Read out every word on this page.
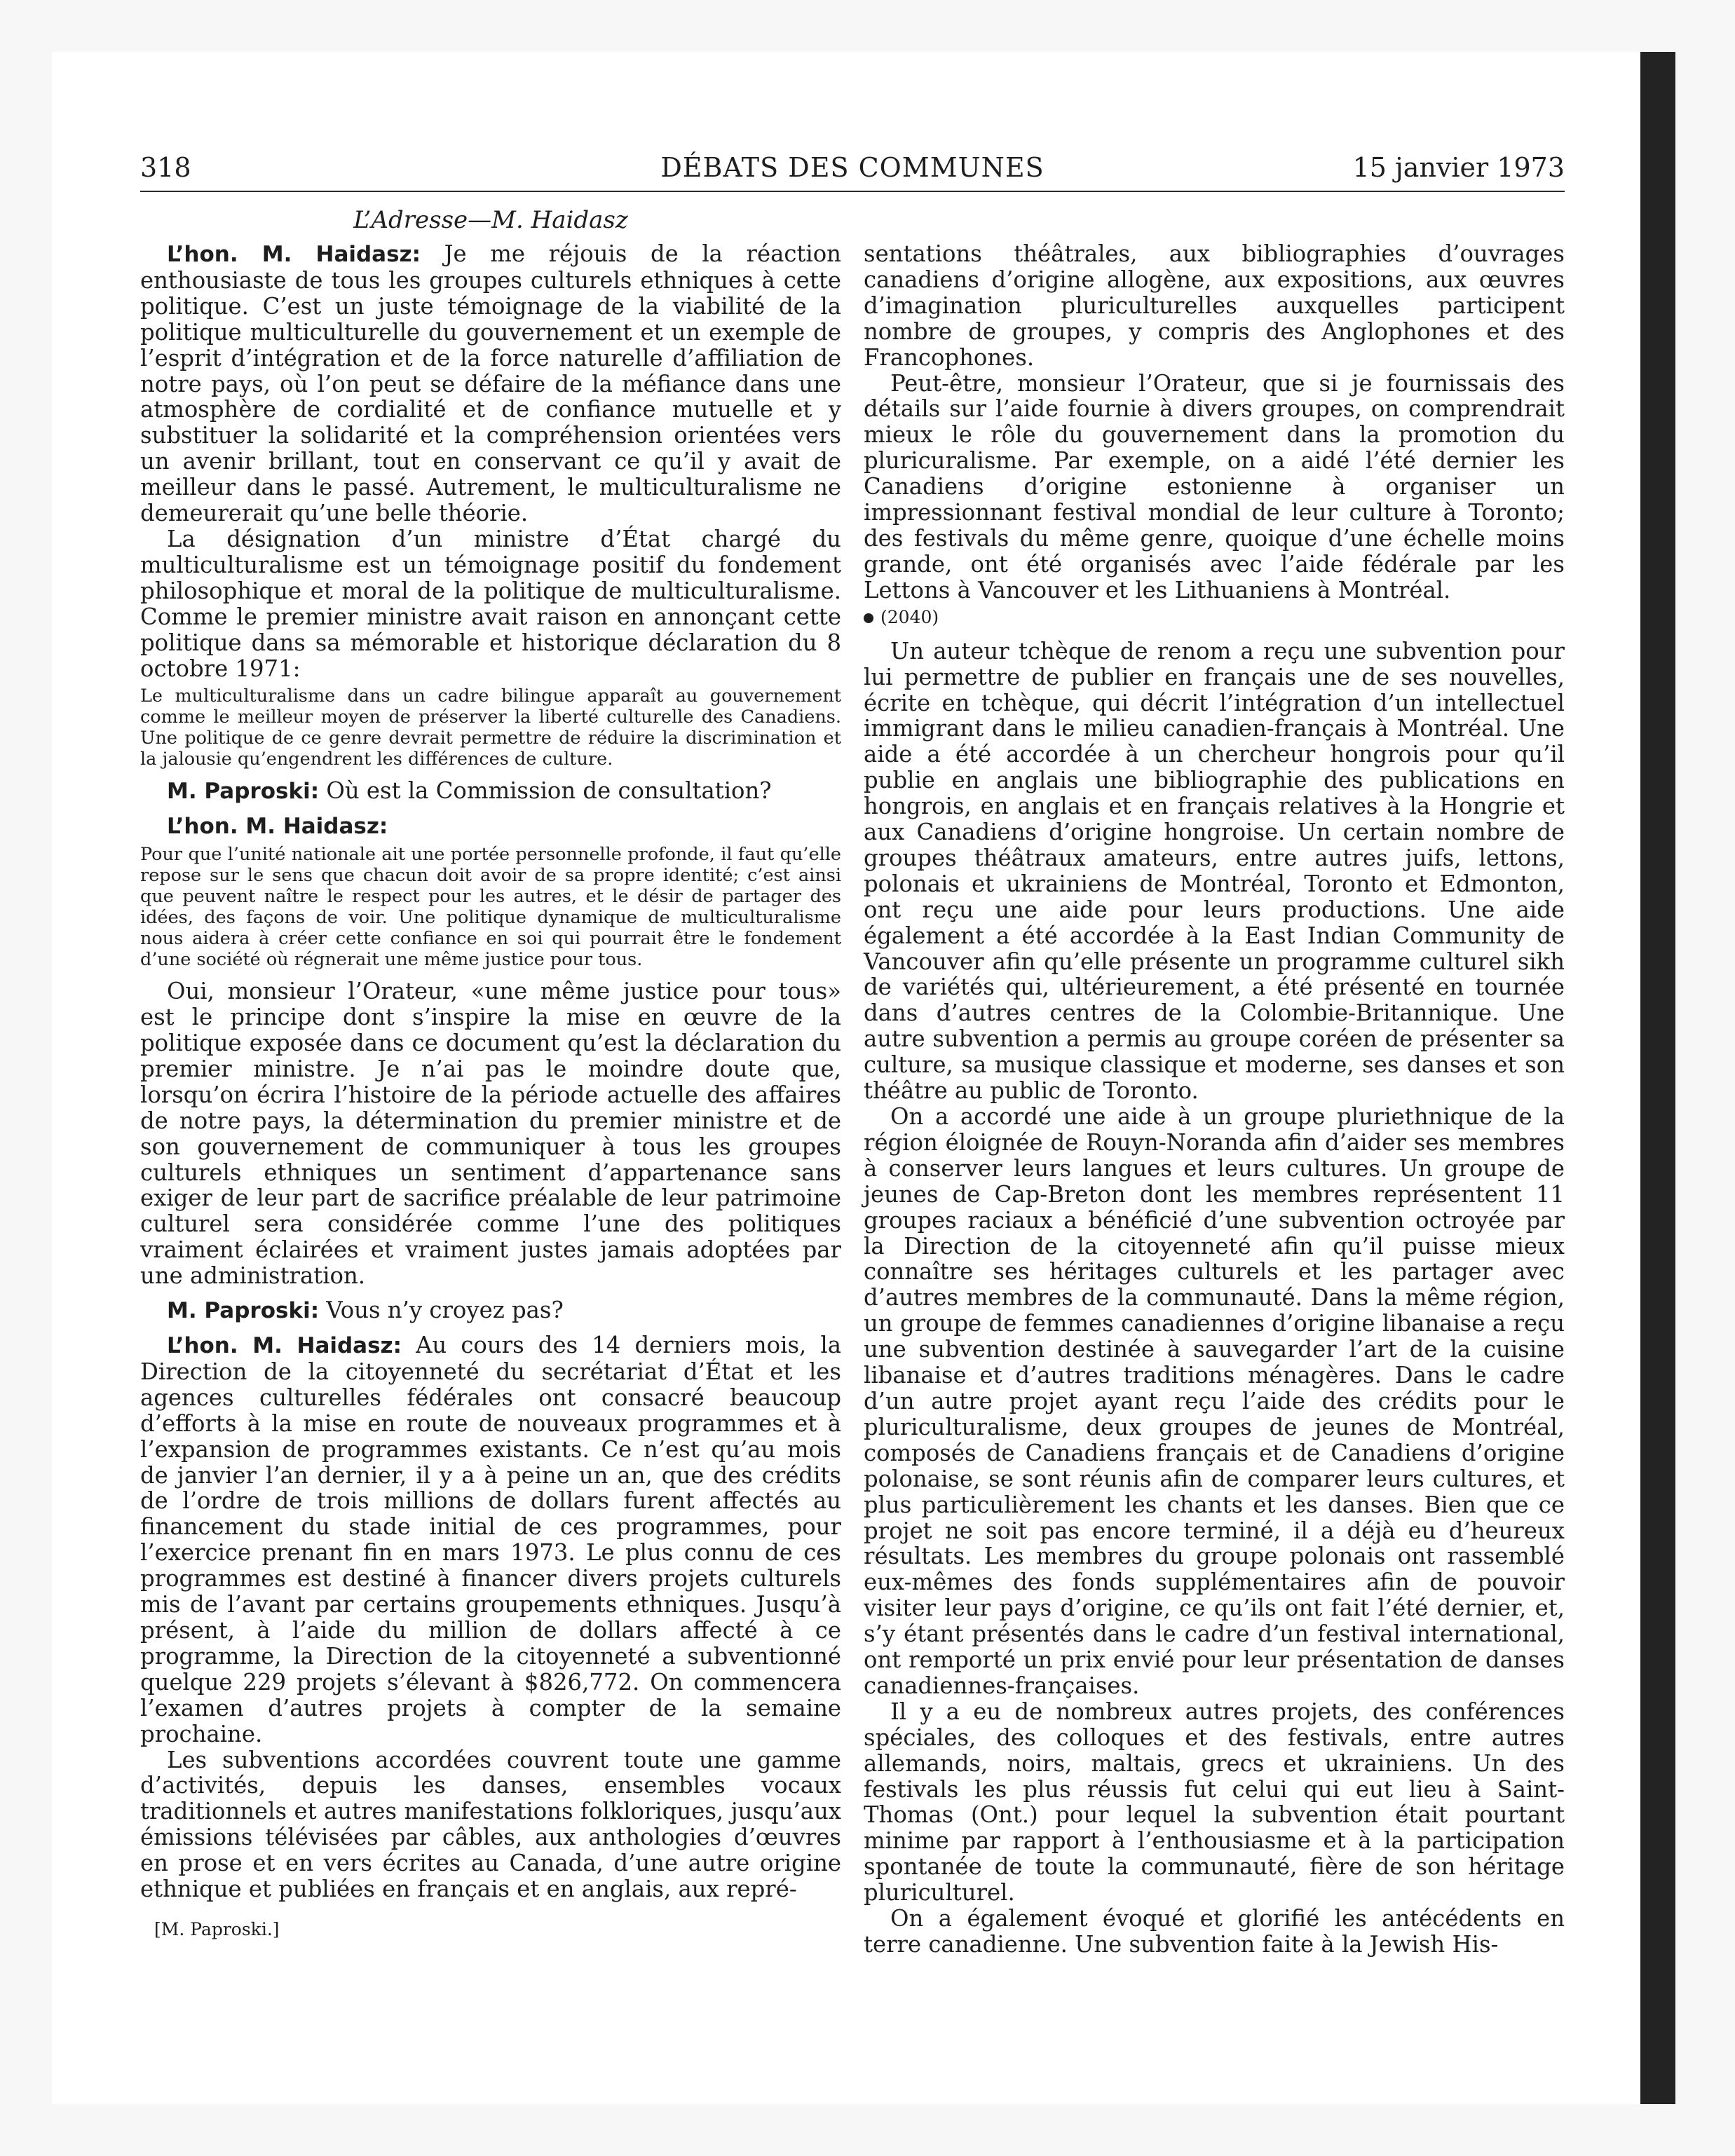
318	DÉBATS DES COMMUNES	15 janvier 1973
L’Adresse—M. Haidasz

L’hon. M. Haidasz: Je me réjouis de la réaction enthousiaste de tous les groupes culturels ethniques à cette politique. C’est un juste témoignage de la viabilité de la politique multiculturelle du gouvernement et un exemple de l’esprit d’intégration et de la force naturelle d’affiliation de notre pays, où l’on peut se défaire de la méfiance dans une atmosphère de cordialité et de confiance mutuelle et y substituer la solidarité et la compréhension orientées vers un avenir brillant, tout en conservant ce qu’il y avait de meilleur dans le passé. Autrement, le multiculturalisme ne demeurerait qu’une belle théorie.

La désignation d’un ministre d’État chargé du multiculturalisme est un témoignage positif du fondement philosophique et moral de la politique de multiculturalisme. Comme le premier ministre avait raison en annonçant cette politique dans sa mémorable et historique déclaration du 8 octobre 1971:

Le multiculturalisme dans un cadre bilingue apparaît au gouvernement comme le meilleur moyen de préserver la liberté culturelle des Canadiens. Une politique de ce genre devrait permettre de réduire la discrimination et la jalousie qu’engendrent les différences de culture.

M. Paproski: Où est la Commission de consultation?

L’hon. M. Haidasz:

Pour que l’unité nationale ait une portée personnelle profonde, il faut qu’elle repose sur le sens que chacun doit avoir de sa propre identité; c’est ainsi que peuvent naître le respect pour les autres, et le désir de partager des idées, des façons de voir. Une politique dynamique de multiculturalisme nous aidera à créer cette confiance en soi qui pourrait être le fondement d’une société où régnerait une même justice pour tous.

Oui, monsieur l’Orateur, «une même justice pour tous» est le principe dont s’inspire la mise en œuvre de la politique exposée dans ce document qu’est la déclaration du premier ministre. Je n’ai pas le moindre doute que, lorsqu’on écrira l’histoire de la période actuelle des affaires de notre pays, la détermination du premier ministre et de son gouvernement de communiquer à tous les groupes culturels ethniques un sentiment d’appartenance sans exiger de leur part de sacrifice préalable de leur patrimoine culturel sera considérée comme l’une des politiques vraiment éclairées et vraiment justes jamais adoptées par une administration.

M. Paproski: Vous n’y croyez pas?

L’hon. M. Haidasz: Au cours des 14 derniers mois, la Direction de la citoyenneté du secrétariat d’État et les agences culturelles fédérales ont consacré beaucoup d’efforts à la mise en route de nouveaux programmes et à l’expansion de programmes existants. Ce n’est qu’au mois de janvier l’an dernier, il y a à peine un an, que des crédits de l’ordre de trois millions de dollars furent affectés au financement du stade initial de ces programmes, pour l’exercice prenant fin en mars 1973. Le plus connu de ces programmes est destiné à financer divers projets culturels mis de l’avant par certains groupements ethniques. Jusqu’à présent, à l’aide du million de dollars affecté à ce programme, la Direction de la citoyenneté a subventionné quelque 229 projets s’élevant à $826,772. On commencera l’examen d’autres projets à compter de la semaine prochaine.

Les subventions accordées couvrent toute une gamme d’activités, depuis les danses, ensembles vocaux traditionnels et autres manifestations folkloriques, jusqu’aux émissions télévisées par câbles, aux anthologies d’œuvres en prose et en vers écrites au Canada, d’une autre origine ethnique et publiées en français et en anglais, aux repré-

[M. Paproski.]

sentations théâtrales, aux bibliographies d’ouvrages canadiens d’origine allogène, aux expositions, aux œuvres d’imagination pluriculturelles auxquelles participent nombre de groupes, y compris des Anglophones et des Francophones.

Peut-être, monsieur l’Orateur, que si je fournissais des détails sur l’aide fournie à divers groupes, on comprendrait mieux le rôle du gouvernement dans la promotion du pluricuralisme. Par exemple, on a aidé l’été dernier les Canadiens d’origine estonienne à organiser un impressionnant festival mondial de leur culture à Toronto; des festivals du même genre, quoique d’une échelle moins grande, ont été organisés avec l’aide fédérale par les Lettons à Vancouver et les Lithuaniens à Montréal.

(2040)

Un auteur tchèque de renom a reçu une subvention pour lui permettre de publier en français une de ses nouvelles, écrite en tchèque, qui décrit l’intégration d’un intellectuel immigrant dans le milieu canadien-français à Montréal. Une aide a été accordée à un chercheur hongrois pour qu’il publie en anglais une bibliographie des publications en hongrois, en anglais et en français relatives à la Hongrie et aux Canadiens d’origine hongroise. Un certain nombre de groupes théâtraux amateurs, entre autres juifs, lettons, polonais et ukrainiens de Montréal, Toronto et Edmonton, ont reçu une aide pour leurs productions. Une aide également a été accordée à la East Indian Community de Vancouver afin qu’elle présente un programme culturel sikh de variétés qui, ultérieurement, a été présenté en tournée dans d’autres centres de la Colombie-Britannique. Une autre subvention a permis au groupe coréen de présenter sa culture, sa musique classique et moderne, ses danses et son théâtre au public de Toronto.

On a accordé une aide à un groupe pluriethnique de la région éloignée de Rouyn-Noranda afin d’aider ses membres à conserver leurs langues et leurs cultures. Un groupe de jeunes de Cap-Breton dont les membres représentent 11 groupes raciaux a bénéficié d’une subvention octroyée par la Direction de la citoyenneté afin qu’il puisse mieux connaître ses héritages culturels et les partager avec d’autres membres de la communauté. Dans la même région, un groupe de femmes canadiennes d’origine libanaise a reçu une subvention destinée à sauvegarder l’art de la cuisine libanaise et d’autres traditions ménagères. Dans le cadre d’un autre projet ayant reçu l’aide des crédits pour le pluriculturalisme, deux groupes de jeunes de Montréal, composés de Canadiens français et de Canadiens d’origine polonaise, se sont réunis afin de comparer leurs cultures, et plus particulièrement les chants et les danses. Bien que ce projet ne soit pas encore terminé, il a déjà eu d’heureux résultats. Les membres du groupe polonais ont rassemblé eux-mêmes des fonds supplémentaires afin de pouvoir visiter leur pays d’origine, ce qu’ils ont fait l’été dernier, et, s’y étant présentés dans le cadre d’un festival international, ont remporté un prix envié pour leur présentation de danses canadiennes-françaises.

Il y a eu de nombreux autres projets, des conférences spéciales, des colloques et des festivals, entre autres allemands, noirs, maltais, grecs et ukrainiens. Un des festivals les plus réussis fut celui qui eut lieu à Saint-Thomas (Ont.) pour lequel la subvention était pourtant minime par rapport à l’enthousiasme et à la participation spontanée de toute la communauté, fière de son héritage pluriculturel.

On a également évoqué et glorifié les antécédents en terre canadienne. Une subvention faite à la Jewish His-
